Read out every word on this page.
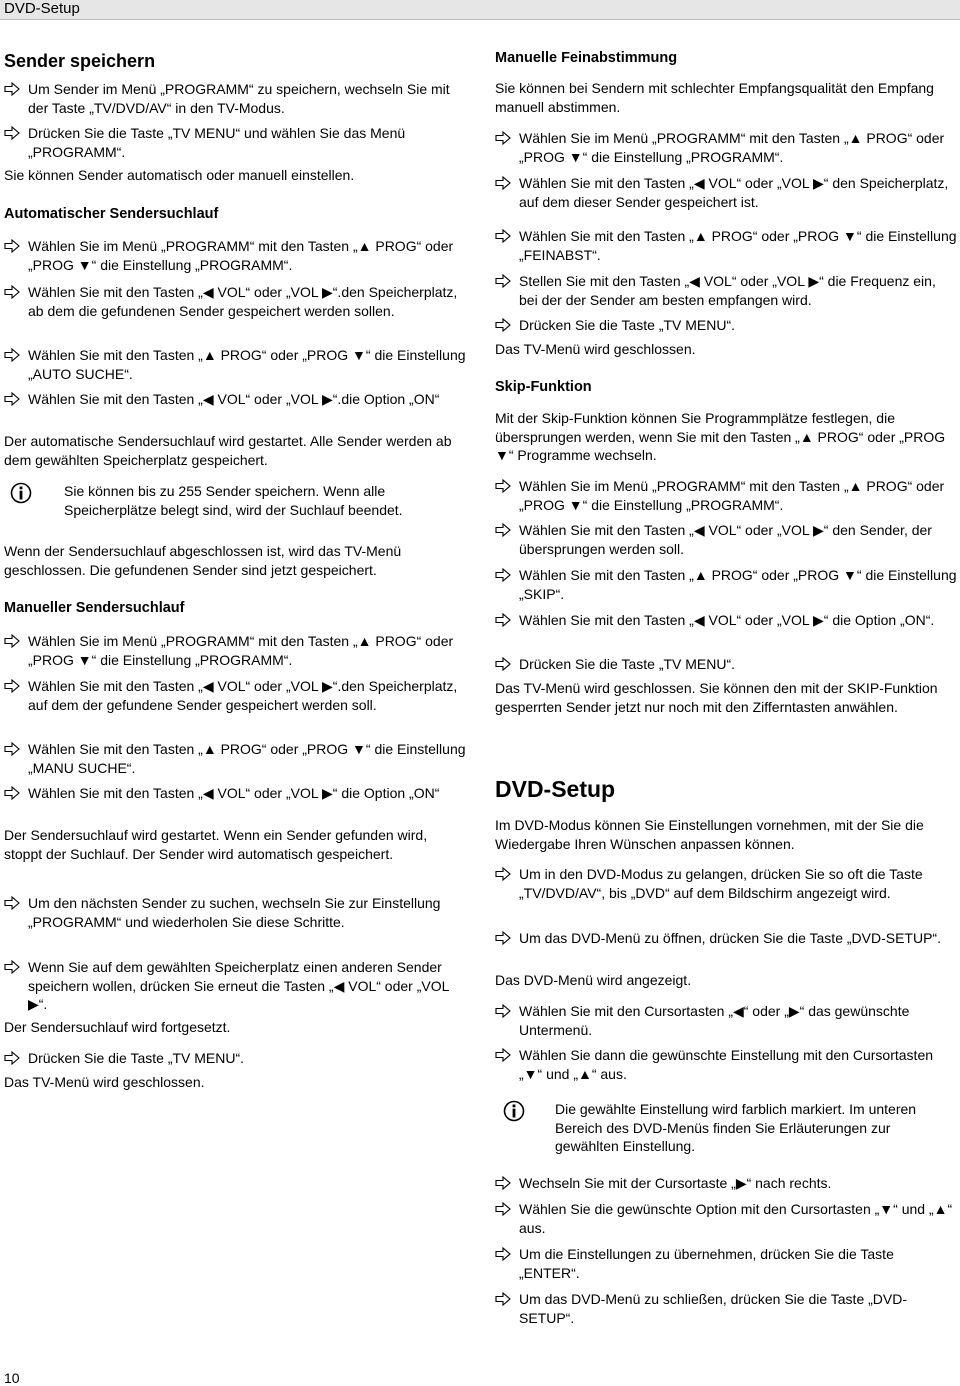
DVD-Setup
Sender speichern
Um Sender im Menü „PROGRAMM“ zu speichern, wechseln Sie mit der Taste „TV/DVD/AV“ in den TV-Modus.
Drücken Sie die Taste „TV MENU“ und wählen Sie das Menü „PROGRAMM“.

Sie können Sender automatisch oder manuell einstellen.

Automatischer Sendersuchlauf
Wählen Sie im Menü „PROGRAMM“ mit den Tasten „▲ PROG“ oder „PROG ▼“ die Einstellung „PROGRAMM“.
Wählen Sie mit den Tasten „◀ VOL“ oder „VOL ▶“.den Speicherplatz, ab dem die gefundenen Sender gespeichert werden sollen.
Wählen Sie mit den Tasten „▲ PROG“ oder „PROG ▼“ die Einstellung „AUTO SUCHE“.
Wählen Sie mit den Tasten „◀ VOL“ oder „VOL ▶“.die Option „ON“

Der automatische Sendersuchlauf wird gestartet. Alle Sender werden ab dem gewählten Speicherplatz gespeichert.

Sie können bis zu 255 Sender speichern. Wenn alle Speicherplätze belegt sind, wird der Suchlauf beendet.

Wenn der Sendersuchlauf abgeschlossen ist, wird das TV-Menü geschlossen. Die gefundenen Sender sind jetzt gespeichert.

Manueller Sendersuchlauf
Wählen Sie im Menü „PROGRAMM“ mit den Tasten „▲ PROG“ oder „PROG ▼“ die Einstellung „PROGRAMM“.
Wählen Sie mit den Tasten „◀ VOL“ oder „VOL ▶“.den Speicherplatz, auf dem der gefundene Sender gespeichert werden soll.
Wählen Sie mit den Tasten „▲ PROG“ oder „PROG ▼“ die Einstellung „MANU SUCHE“.
Wählen Sie mit den Tasten „◀ VOL“ oder „VOL ▶“ die Option „ON“

Der Sendersuchlauf wird gestartet. Wenn ein Sender gefunden wird, stoppt der Suchlauf. Der Sender wird automatisch gespeichert.

Um den nächsten Sender zu suchen, wechseln Sie zur Einstellung „PROGRAMM“ und wiederholen Sie diese Schritte.
Wenn Sie auf dem gewählten Speicherplatz einen anderen Sender speichern wollen, drücken Sie erneut die Tasten „◀ VOL“ oder „VOL ▶“.

Der Sendersuchlauf wird fortgesetzt.

Drücken Sie die Taste „TV MENU“.

Das TV-Menü wird geschlossen.

Manuelle Feinabstimmung

Sie können bei Sendern mit schlechter Empfangsqualität den Empfang manuell abstimmen.

Wählen Sie im Menü „PROGRAMM“ mit den Tasten „▲ PROG“ oder „PROG ▼“ die Einstellung „PROGRAMM“.
Wählen Sie mit den Tasten „◀ VOL“ oder „VOL ▶“ den Speicherplatz, auf dem dieser Sender gespeichert ist.
Wählen Sie mit den Tasten „▲ PROG“ oder „PROG ▼“ die Einstellung „FEINABST“.
Stellen Sie mit den Tasten „◀ VOL“ oder „VOL ▶“ die Frequenz ein, bei der der Sender am besten empfangen wird.
Drücken Sie die Taste „TV MENU“.

Das TV-Menü wird geschlossen.

Skip-Funktion

Mit der Skip-Funktion können Sie Programmplätze festlegen, die übersprungen werden, wenn Sie mit den Tasten „▲ PROG“ oder „PROG ▼“ Programme wechseln.

Wählen Sie im Menü „PROGRAMM“ mit den Tasten „▲ PROG“ oder „PROG ▼“ die Einstellung „PROGRAMM“.
Wählen Sie mit den Tasten „◀ VOL“ oder „VOL ▶“ den Sender, der übersprungen werden soll.
Wählen Sie mit den Tasten „▲ PROG“ oder „PROG ▼“ die Einstellung „SKIP“.
Wählen Sie mit den Tasten „◀ VOL“ oder „VOL ▶“ die Option „ON“.
Drücken Sie die Taste „TV MENU“.

Das TV-Menü wird geschlossen. Sie können den mit der SKIP-Funktion gesperrten Sender jetzt nur noch mit den Zifferntasten anwählen.

DVD-Setup

Im DVD-Modus können Sie Einstellungen vornehmen, mit der Sie die Wiedergabe Ihren Wünschen anpassen können.

Um in den DVD-Modus zu gelangen, drücken Sie so oft die Taste „TV/DVD/AV“, bis „DVD“ auf dem Bildschirm angezeigt wird.
Um das DVD-Menü zu öffnen, drücken Sie die Taste „DVD-SETUP“.

Das DVD-Menü wird angezeigt.

Wählen Sie mit den Cursortasten „◀“ oder „▶“ das gewünschte Untermenü.
Wählen Sie dann die gewünschte Einstellung mit den Cursortasten „▼“ und „▲“ aus.
Die gewählte Einstellung wird farblich markiert. Im unteren Bereich des DVD-Menüs finden Sie Erläuterungen zur gewählten Einstellung.
Wechseln Sie mit der Cursortaste „▶“ nach rechts.
Wählen Sie die gewünschte Option mit den Cursortasten „▼“ und „▲“ aus.
Um die Einstellungen zu übernehmen, drücken Sie die Taste „ENTER“.
Um das DVD-Menü zu schließen, drücken Sie die Taste „DVD-SETUP“.
10
